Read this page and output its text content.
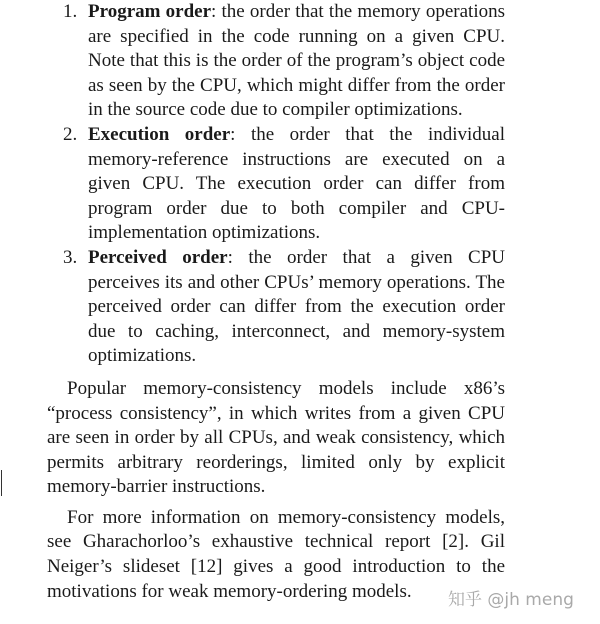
1. Program order: the order that the memory operations are specified in the code running on a given CPU. Note that this is the order of the program’s object code as seen by the CPU, which might differ from the order in the source code due to compiler optimizations.
2. Execution order: the order that the individual memory-reference instructions are executed on a given CPU. The execution order can differ from program order due to both compiler and CPU-implementation optimizations.
3. Perceived order: the order that a given CPU perceives its and other CPUs’ memory operations. The perceived order can differ from the execution order due to caching, interconnect, and memory-system optimizations.

Popular memory-consistency models include x86’s “process consistency”, in which writes from a given CPU are seen in order by all CPUs, and weak consistency, which permits arbitrary reorderings, limited only by explicit memory-barrier instructions.

For more information on memory-consistency models, see Gharachorloo’s exhaustive technical report [2]. Gil Neiger’s slideset [12] gives a good introduction to the motivations for weak memory-ordering models.	知乎 @jh meng
